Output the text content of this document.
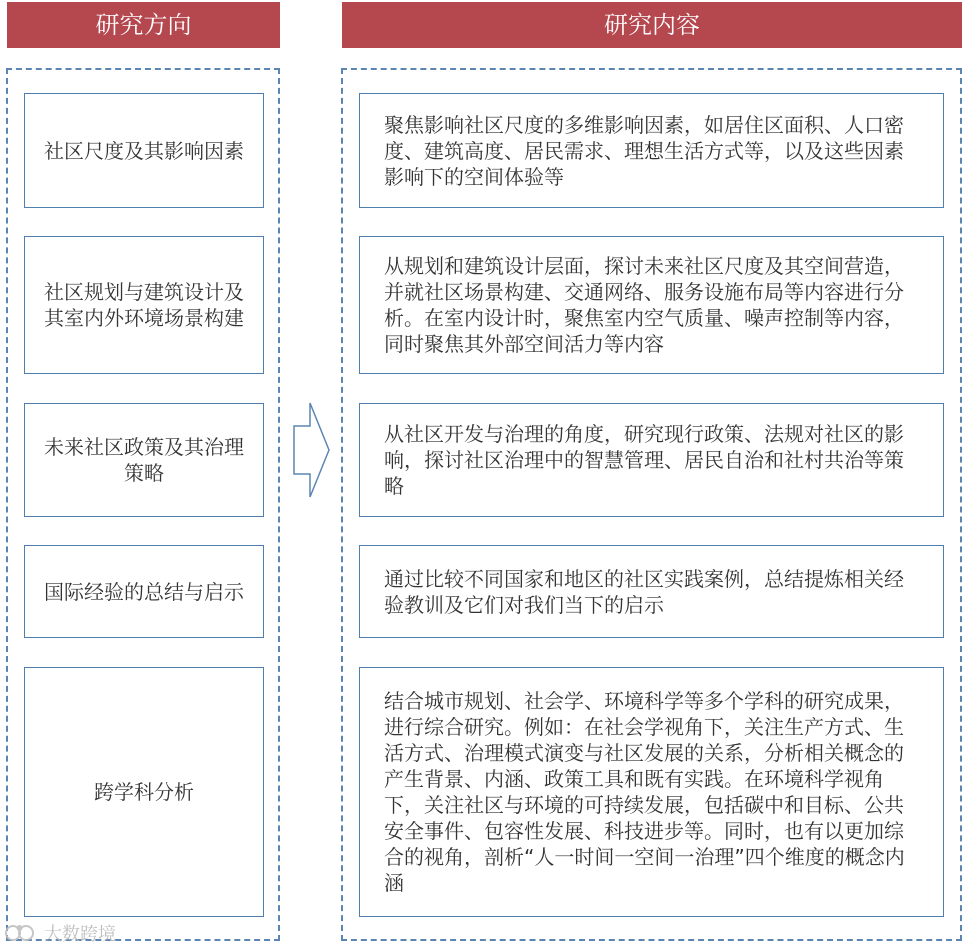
研究方向	研究内容
社区尺度及其影响因素
社区规划与建筑设计及其室内外环境场景构建
未来社区政策及其治理策略
国际经验的总结与启示
跨学科分析
聚焦影响社区尺度的多维影响因素，如居住区面积、人口密度、建筑高度、居民需求、理想生活方式等，以及这些因素影响下的空间体验等
从规划和建筑设计层面，探讨未来社区尺度及其空间营造，并就社区场景构建、交通网络、服务设施布局等内容进行分析。在室内设计时，聚焦室内空气质量、噪声控制等内容，同时聚焦其外部空间活力等内容
从社区开发与治理的角度，研究现行政策、法规对社区的影响，探讨社区治理中的智慧管理、居民自治和社村共治等策略
通过比较不同国家和地区的社区实践案例，总结提炼相关经验教训及它们对我们当下的启示
结合城市规划、社会学、环境科学等多个学科的研究成果，进行综合研究。例如：在社会学视角下，关注生产方式、生活方式、治理模式演变与社区发展的关系，分析相关概念的产生背景、内涵、政策工具和既有实践。在环境科学视角下，关注社区与环境的可持续发展，包括碳中和目标、公共安全事件、包容性发展、科技进步等。同时，也有以更加综合的视角，剖析“人一时间一空间一治理”四个维度的概念内涵
大数跨境
